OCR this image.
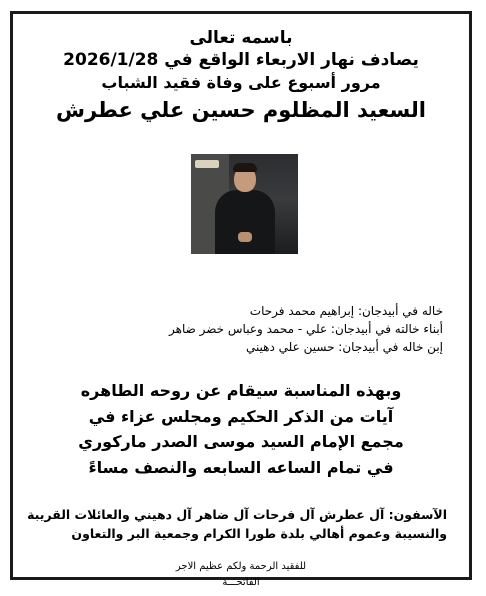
باسمه تعالى
يصادف نهار الاربعاء الواقع في 2026/1/28
مرور أسبوع على وفاة فقيد الشباب
السعيد المظلوم حسين علي عطرش
خاله في أبيدجان: إبراهيم محمد فرحات
أبناء خالته في أبيدجان: علي - محمد وعباس خضر ضاهر
إبن خاله في أبيدجان: حسين علي دهيني
وبهذه المناسبة سيقام عن روحه الطاهره
آيات من الذكر الحكيم ومجلس عزاء في
مجمع الإمام السيد موسى الصدر ماركوري
في تمام الساعه السابعه والنصف مساءً
الآسفون: آل عطرش آل فرحات آل ضاهر آل دهيني والعائلات القريبة
والنسيبة وعموم أهالي بلدة طورا الكرام وجمعية البر والتعاون
للفقيد الرحمة ولكم عظيم الاجر
الفاتحـــة
